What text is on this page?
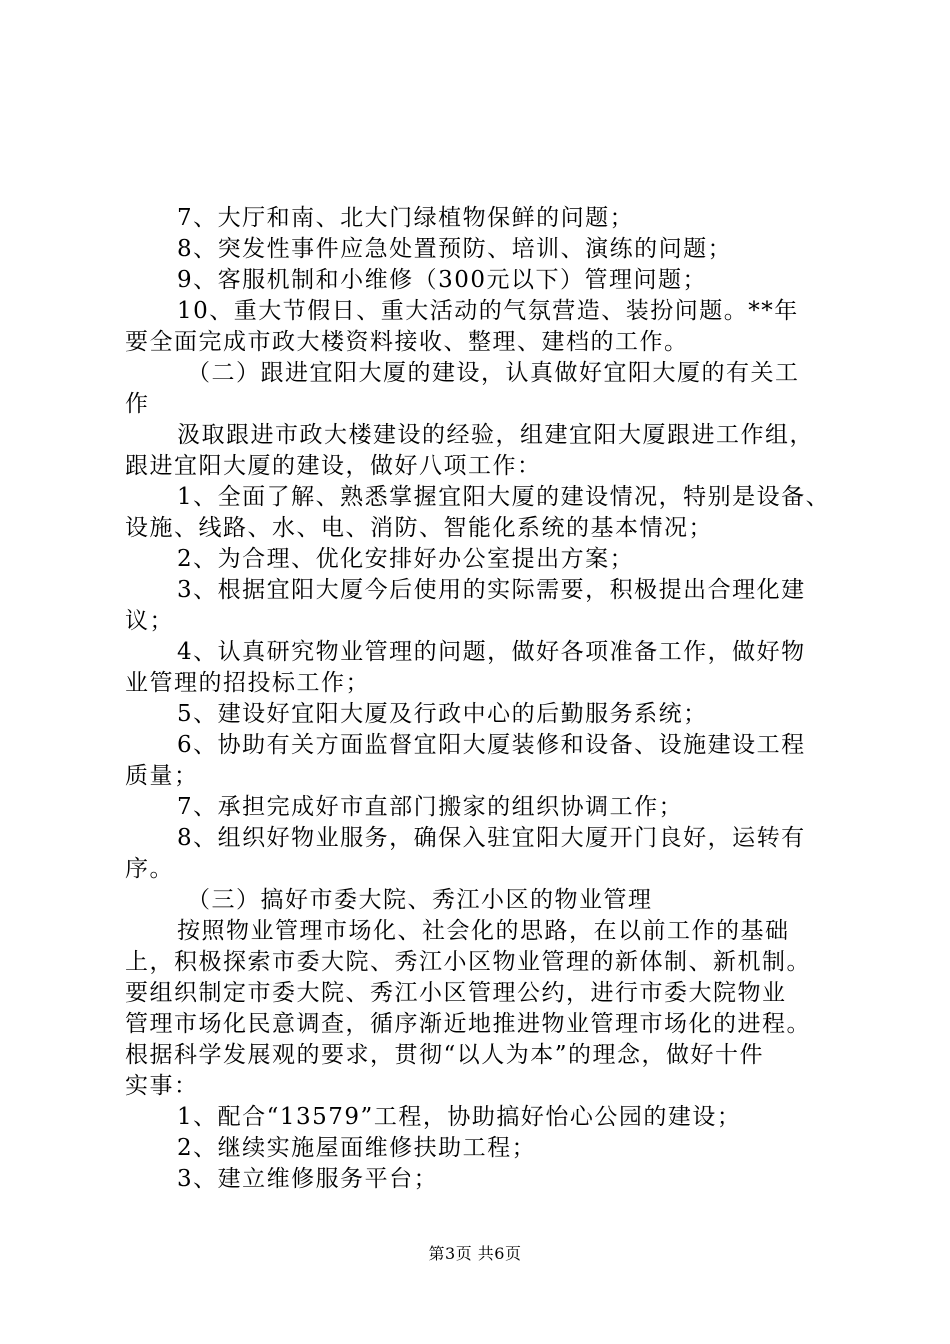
7、大厅和南、北大门绿植物保鲜的问题；
8、突发性事件应急处置预防、培训、演练的问题；
9、客服机制和小维修（300元以下）管理问题；
10、重大节假日、重大活动的气氛营造、装扮问题。**年
要全面完成市政大楼资料接收、整理、建档的工作。
（二）跟进宜阳大厦的建设，认真做好宜阳大厦的有关工
作
汲取跟进市政大楼建设的经验，组建宜阳大厦跟进工作组，
跟进宜阳大厦的建设，做好八项工作：
1、全面了解、熟悉掌握宜阳大厦的建设情况，特别是设备、
设施、线路、水、电、消防、智能化系统的基本情况；
2、为合理、优化安排好办公室提出方案；
3、根据宜阳大厦今后使用的实际需要，积极提出合理化建
议；
4、认真研究物业管理的问题，做好各项准备工作，做好物
业管理的招投标工作；
5、建设好宜阳大厦及行政中心的后勤服务系统；
6、协助有关方面监督宜阳大厦装修和设备、设施建设工程
质量；
7、承担完成好市直部门搬家的组织协调工作；
8、组织好物业服务，确保入驻宜阳大厦开门良好，运转有
序。
（三）搞好市委大院、秀江小区的物业管理
按照物业管理市场化、社会化的思路，在以前工作的基础
上，积极探索市委大院、秀江小区物业管理的新体制、新机制。
要组织制定市委大院、秀江小区管理公约，进行市委大院物业
管理市场化民意调查，循序渐近地推进物业管理市场化的进程。
根据科学发展观的要求，贯彻“以人为本”的理念，做好十件
实事：
1、配合“13579”工程，协助搞好怡心公园的建设；
2、继续实施屋面维修扶助工程；
3、建立维修服务平台；
第3页 共6页
